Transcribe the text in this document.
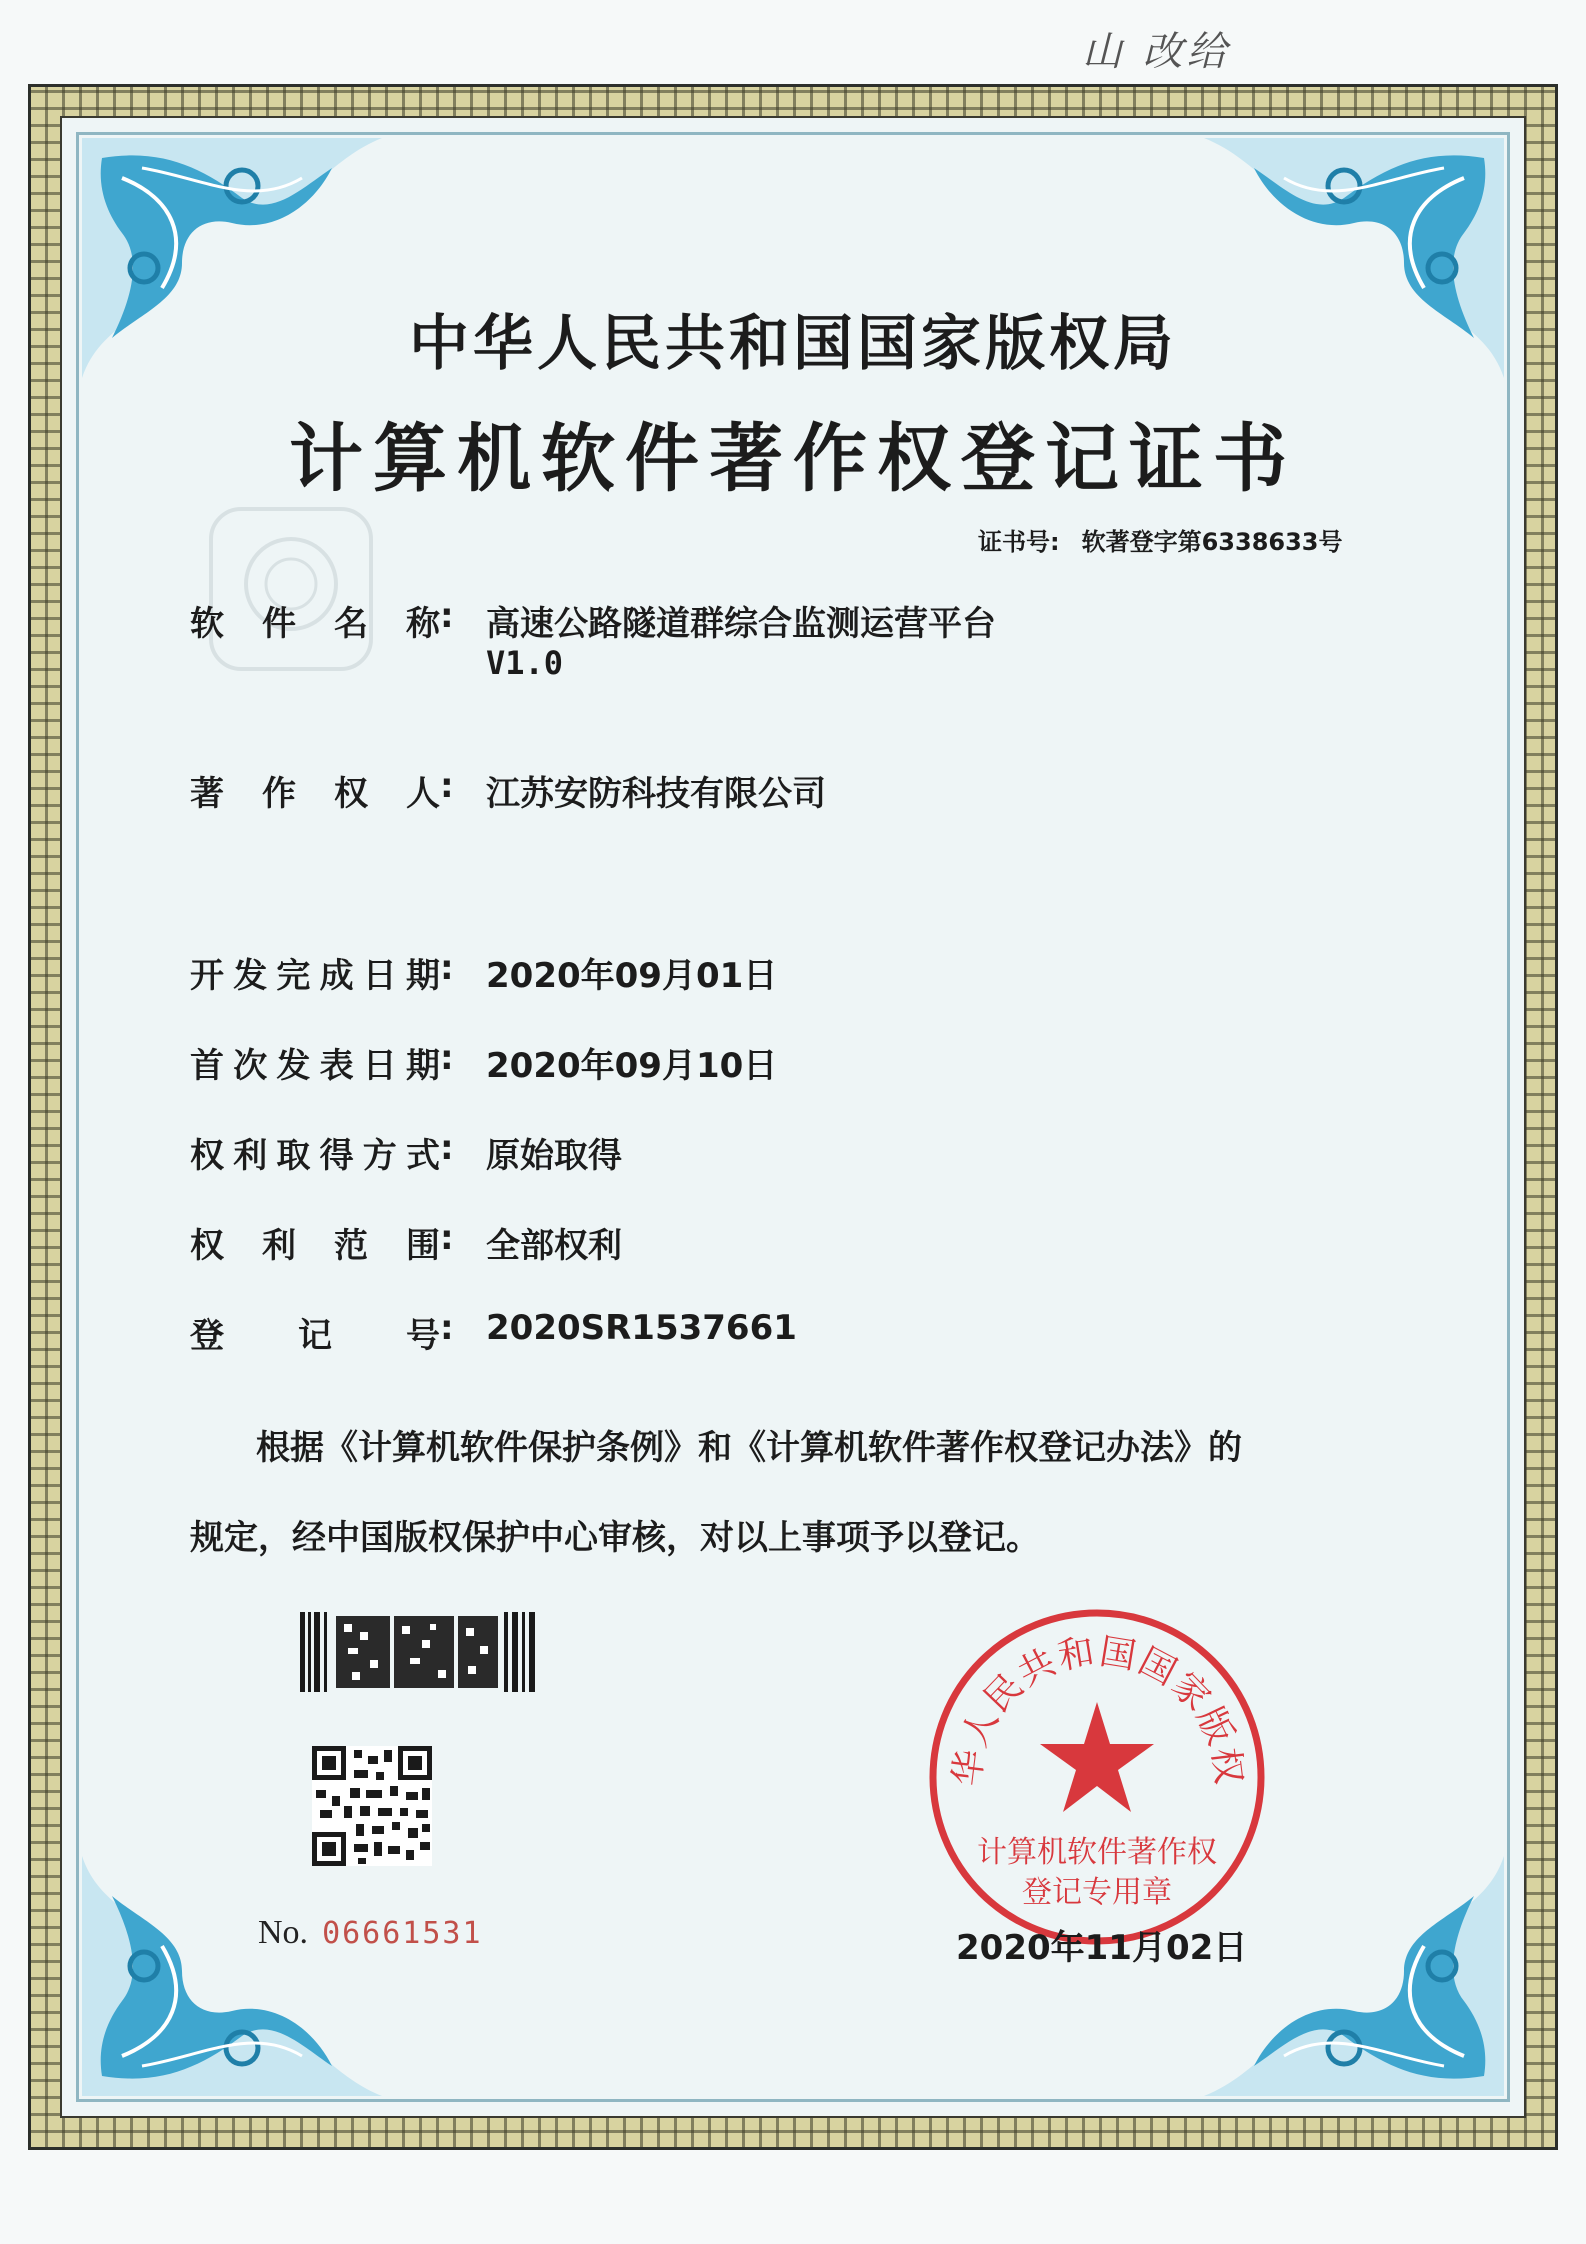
山 改给
中华人民共和国国家版权局
计算机软件著作权登记证书
证书号: 软著登字第6338633号
软件名称 : 高速公路隧道群综合监测运营平台
V1.0
著作权人 : 江苏安防科技有限公司
开发完成日期 : 2020年09月01日
首次发表日期 : 2020年09月10日
权利取得方式 : 原始取得
权利范围 : 全部权利
登记号 : 2020SR1537661
根据《计算机软件保护条例》和《计算机软件著作权登记办法》的
规定，经中国版权保护中心审核，对以上事项予以登记。
No. 06661531
华人民共和国国家版权
计算机软件著作权
登记专用章
2020年11月02日
